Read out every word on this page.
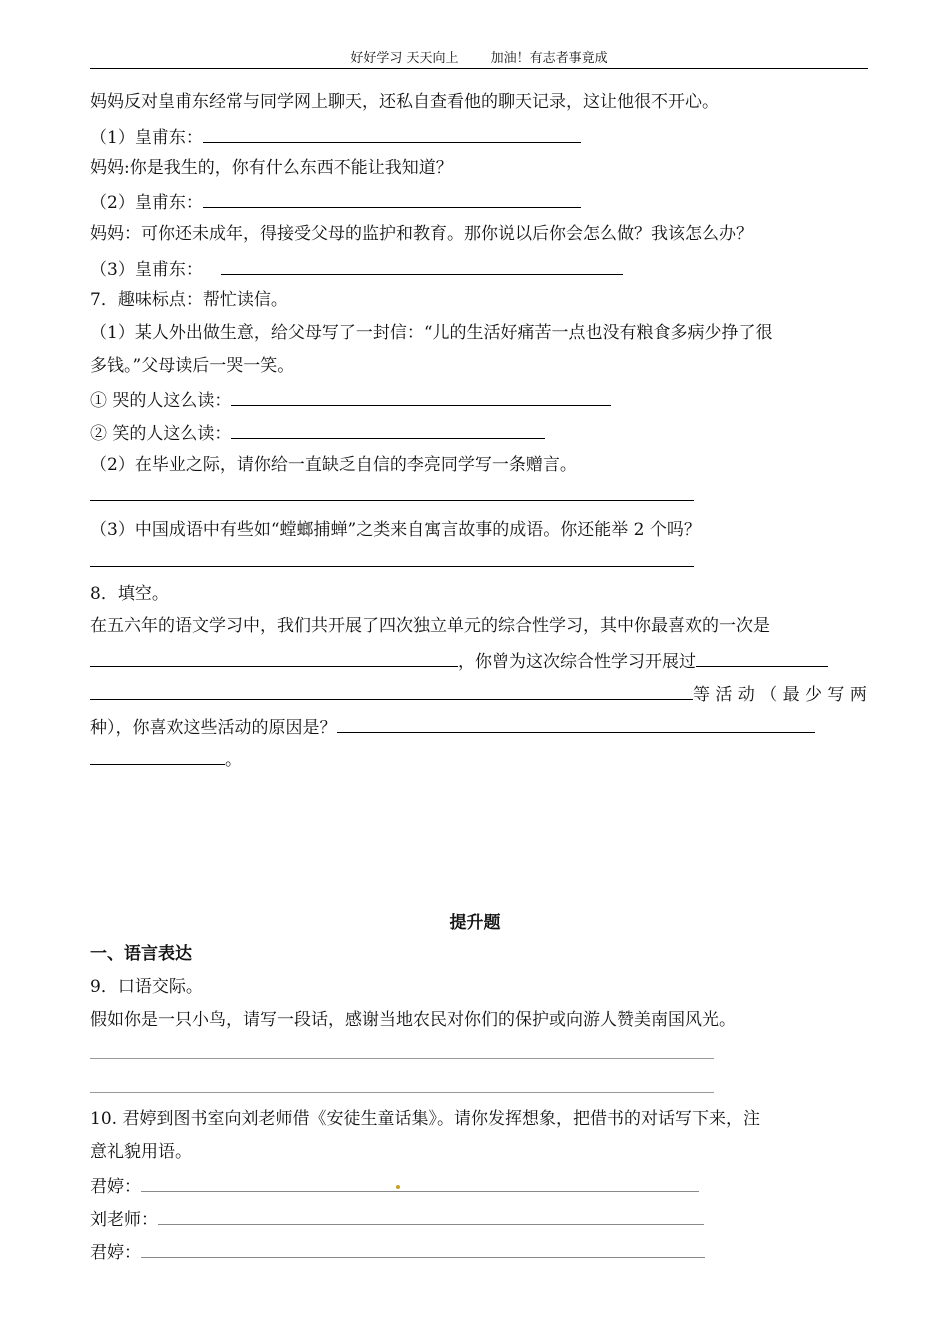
好好学习 天天向上 加油！有志者事竟成
妈妈反对皇甫东经常与同学网上聊天，还私自查看他的聊天记录，这让他很不开心。
（1）皇甫东：
妈妈:你是我生的，你有什么东西不能让我知道？
（2）皇甫东：
妈妈：可你还未成年，得接受父母的监护和教育。那你说以后你会怎么做？我该怎么办？
（3）皇甫东：
7．趣味标点：帮忙读信。
（1）某人外出做生意，给父母写了一封信：“儿的生活好痛苦一点也没有粮食多病少挣了很
多钱。”父母读后一哭一笑。
① 哭的人这么读：
② 笑的人这么读：
（2）在毕业之际，请你给一直缺乏自信的李亮同学写一条赠言。
（3）中国成语中有些如“螳螂捕蝉”之类来自寓言故事的成语。你还能举 2 个吗？
8．填空。
在五六年的语文学习中，我们共开展了四次独立单元的综合性学习，其中你最喜欢的一次是
，你曾为这次综合性学习开展过
等 活 动 （ 最 少 写 两
种），你喜欢这些活动的原因是？
。
提升题
一、语言表达
9．口语交际。
假如你是一只小鸟，请写一段话，感谢当地农民对你们的保护或向游人赞美南国风光。
10. 君婷到图书室向刘老师借《安徒生童话集》。请你发挥想象，把借书的对话写下来，注
意礼貌用语。
君婷：
刘老师：
君婷：
